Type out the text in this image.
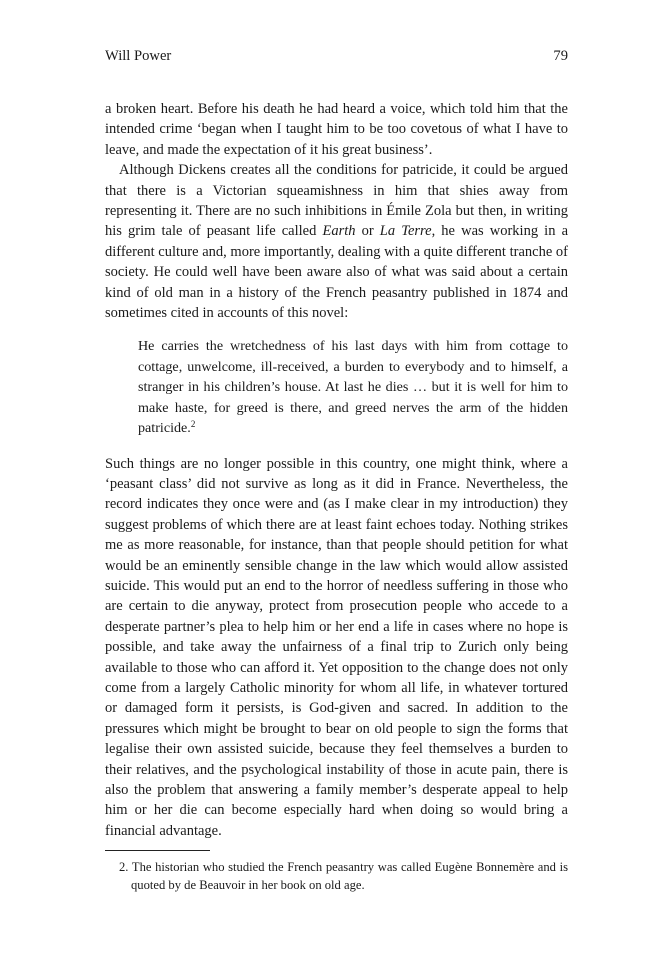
Will Power	79

a broken heart. Before his death he had heard a voice, which told him that the intended crime ‘began when I taught him to be too covetous of what I have to leave, and made the expectation of it his great business’.

Although Dickens creates all the conditions for patricide, it could be argued that there is a Victorian squeamishness in him that shies away from representing it. There are no such inhibitions in Émile Zola but then, in writing his grim tale of peasant life called Earth or La Terre, he was working in a different culture and, more importantly, dealing with a quite different tranche of society. He could well have been aware also of what was said about a certain kind of old man in a history of the French peasantry published in 1874 and sometimes cited in accounts of this novel:

He carries the wretchedness of his last days with him from cottage to cottage, unwelcome, ill-received, a burden to everybody and to himself, a stranger in his children’s house. At last he dies … but it is well for him to make haste, for greed is there, and greed nerves the arm of the hidden patricide.$^2$

Such things are no longer possible in this country, one might think, where a ‘peasant class’ did not survive as long as it did in France. Nevertheless, the record indicates they once were and (as I make clear in my introduction) they suggest problems of which there are at least faint echoes today. Nothing strikes me as more reasonable, for instance, than that people should petition for what would be an eminently sensible change in the law which would allow assisted suicide. This would put an end to the horror of needless suffering in those who are certain to die anyway, protect from prosecution people who accede to a desperate partner’s plea to help him or her end a life in cases where no hope is possible, and take away the unfairness of a final trip to Zurich only being available to those who can afford it. Yet opposition to the change does not only come from a largely Catholic minority for whom all life, in whatever tortured or damaged form it persists, is God-given and sacred. In addition to the pressures which might be brought to bear on old people to sign the forms that legalise their own assisted suicide, because they feel themselves a burden to their relatives, and the psychological instability of those in acute pain, there is also the problem that answering a family member’s desperate appeal to help him or her die can become especially hard when doing so would bring a financial advantage.

2. The historian who studied the French peasantry was called Eugène Bonnemère and is quoted by de Beauvoir in her book on old age.
